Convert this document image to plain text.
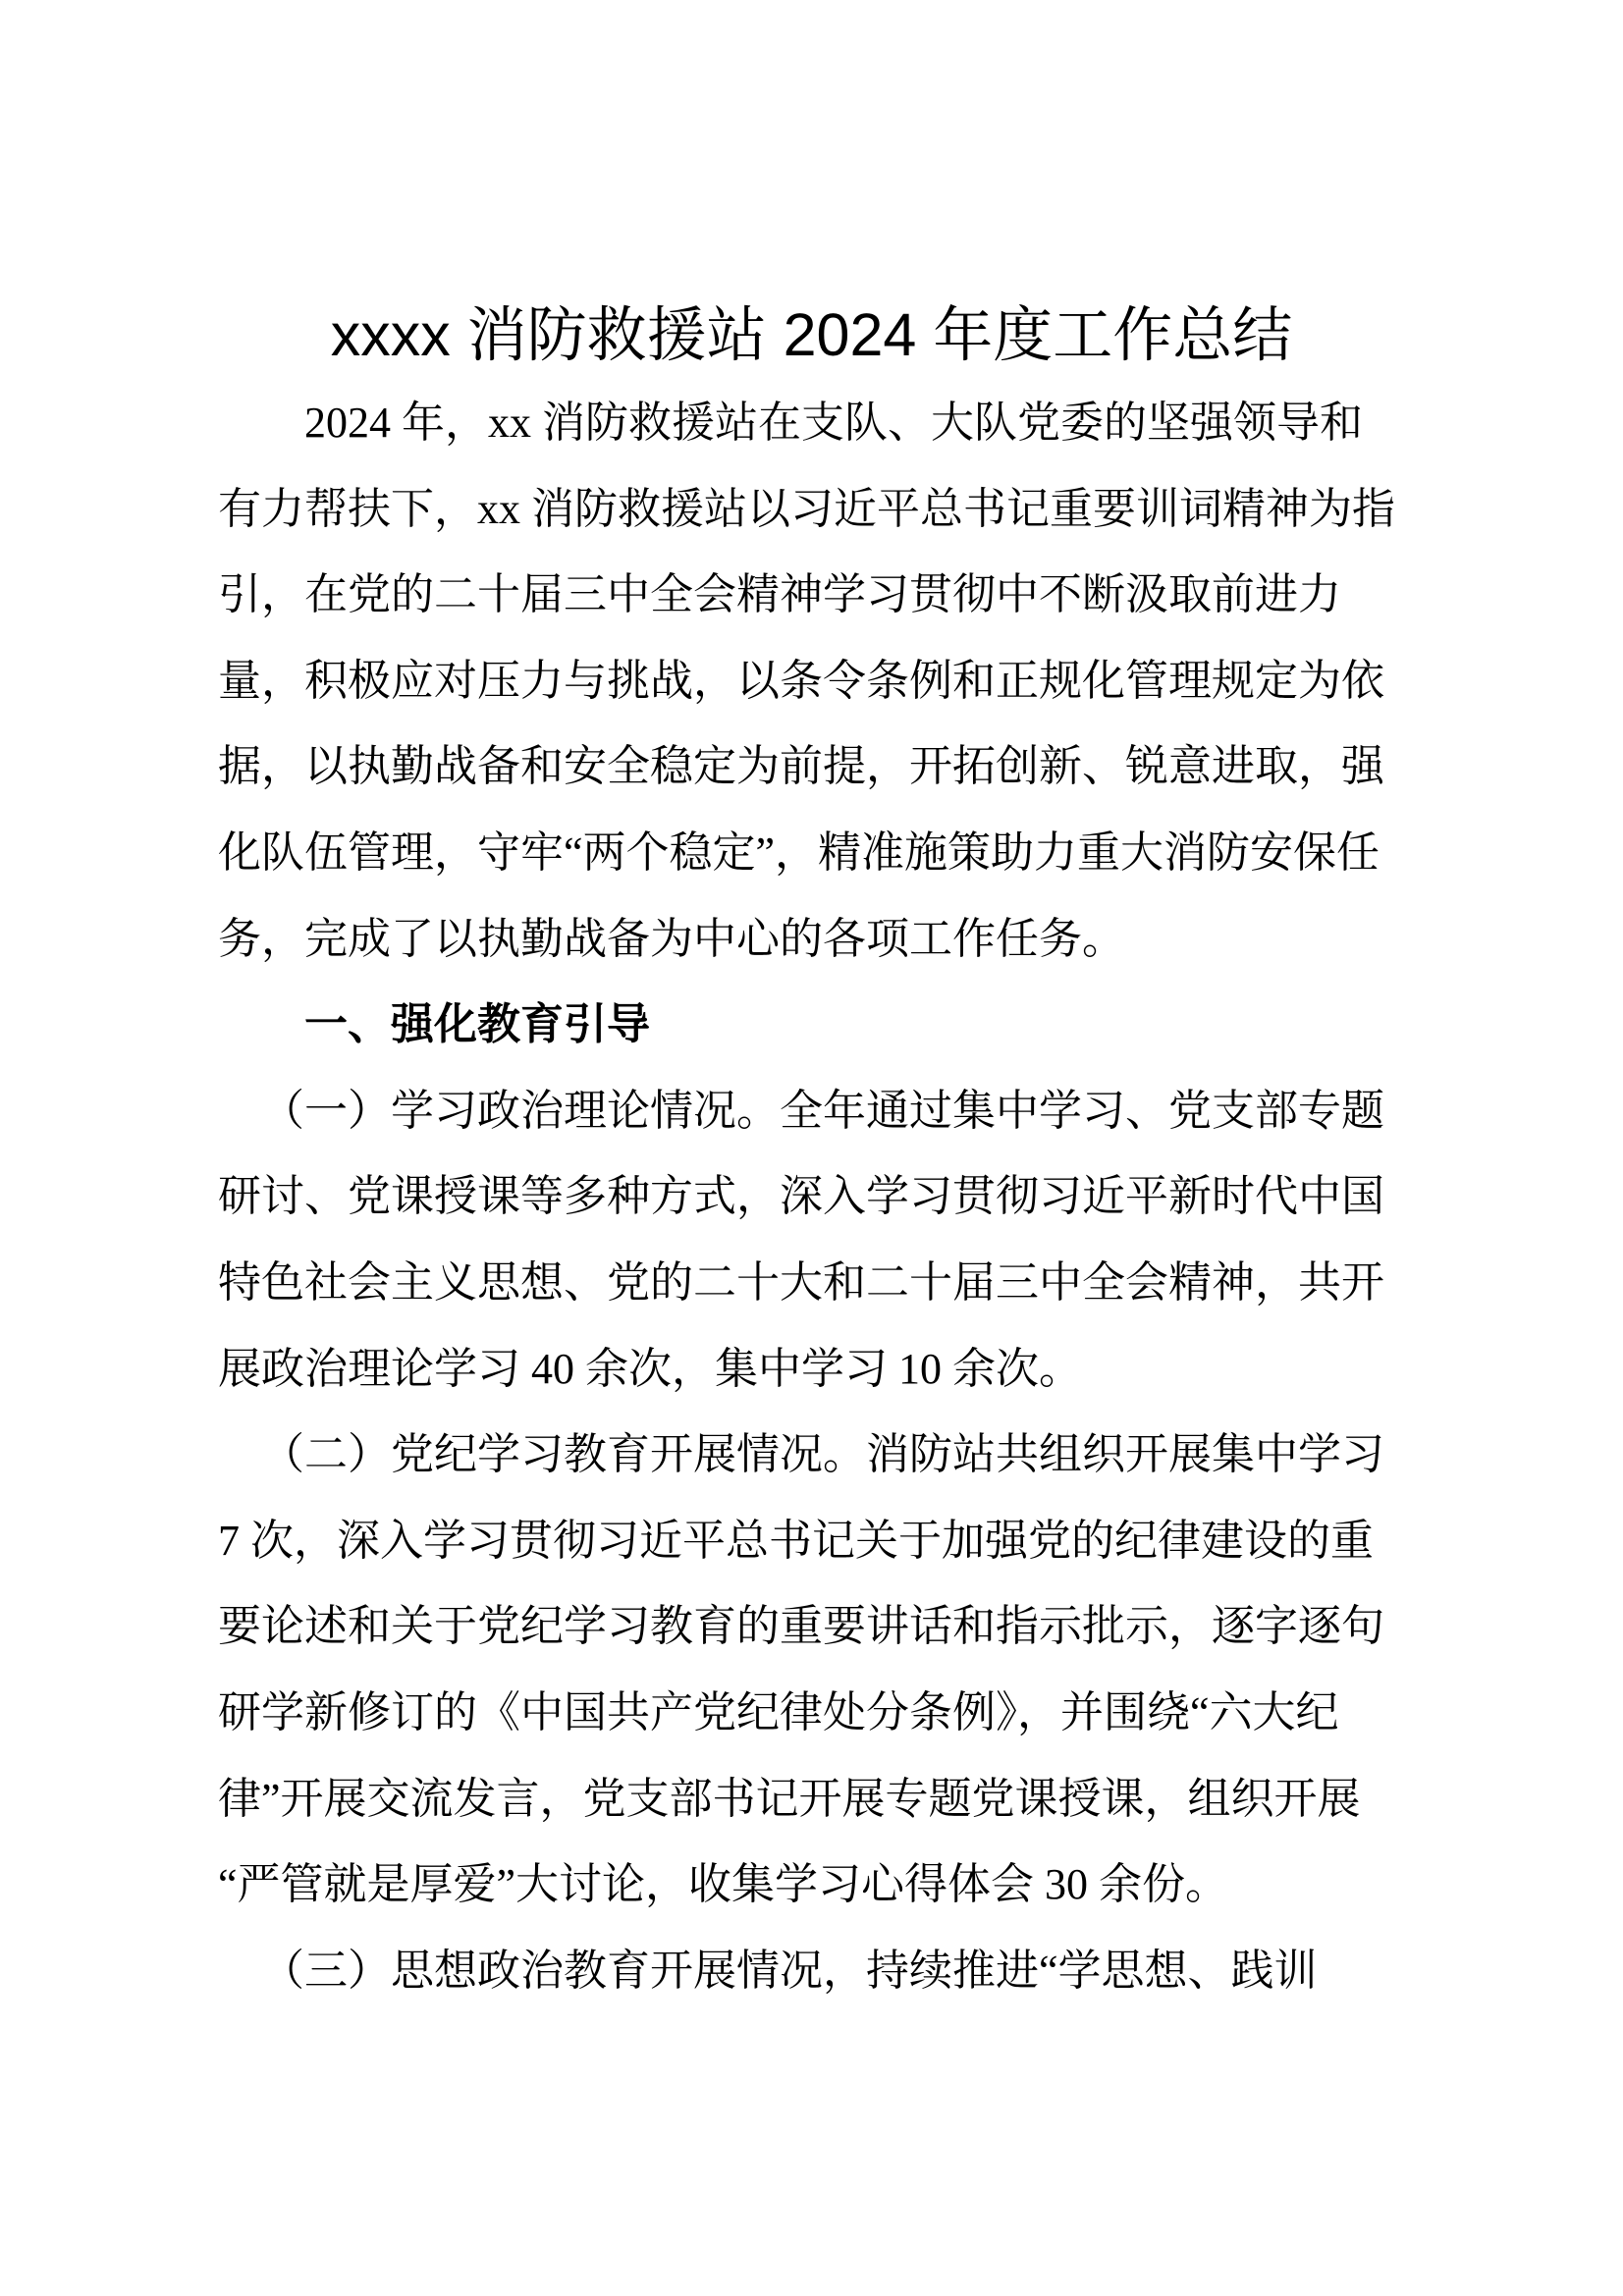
xxxx 消防救援站 2024 年度工作总结
2024 年，xx 消防救援站在支队、大队党委的坚强领导和
有力帮扶下，xx 消防救援站以习近平总书记重要训词精神为指
引，在党的二十届三中全会精神学习贯彻中不断汲取前进力
量，积极应对压力与挑战，以条令条例和正规化管理规定为依
据，以执勤战备和安全稳定为前提，开拓创新、锐意进取，强
化队伍管理，守牢“两个稳定”，精准施策助力重大消防安保任
务，完成了以执勤战备为中心的各项工作任务。
一、强化教育引导
（一）学习政治理论情况。全年通过集中学习、党支部专题
研讨、党课授课等多种方式，深入学习贯彻习近平新时代中国
特色社会主义思想、党的二十大和二十届三中全会精神，共开
展政治理论学习 40 余次，集中学习 10 余次。
（二）党纪学习教育开展情况。消防站共组织开展集中学习
7 次，深入学习贯彻习近平总书记关于加强党的纪律建设的重
要论述和关于党纪学习教育的重要讲话和指示批示，逐字逐句
研学新修订的《中国共产党纪律处分条例》，并围绕“六大纪
律”开展交流发言，党支部书记开展专题党课授课，组织开展
“严管就是厚爱”大讨论，收集学习心得体会 30 余份。
（三）思想政治教育开展情况，持续推进“学思想、践训
